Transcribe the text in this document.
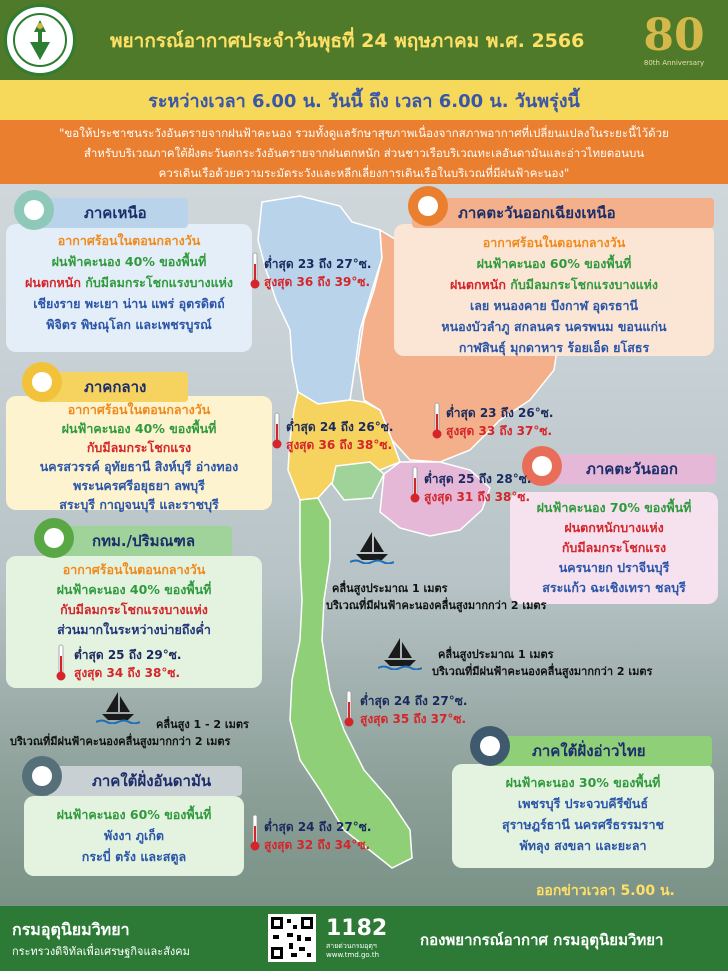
พยากรณ์อากาศประจำวันพุธที่ 24 พฤษภาคม พ.ศ. 2566	80
80th Anniversary
ระหว่างเวลา 6.00 น. วันนี้ ถึง เวลา 6.00 น. วันพรุ่งนี้
"ขอให้ประชาชนระวังอันตรายจากฝนฟ้าคะนอง รวมทั้งดูแลรักษาสุขภาพเนื่องจากสภาพอากาศที่เปลี่ยนแปลงในระยะนี้ไว้ด้วย
สำหรับบริเวณภาคใต้ฝั่งตะวันตกระวังอันตรายจากฝนตกหนัก ส่วนชาวเรือบริเวณทะเลอันดามันและอ่าวไทยตอนบน
ควรเดินเรือด้วยความระมัดระวังและหลีกเลี่ยงการเดินเรือในบริเวณที่มีฝนฟ้าคะนอง"
อากาศร้อนในตอนกลางวัน
ฝนฟ้าคะนอง 40% ของพื้นที่
ฝนตกหนัก กับมีลมกระโชกแรงบางแห่ง
เชียงราย พะเยา น่าน แพร่ อุตรดิตถ์
พิจิตร พิษณุโลก และเพชรบูรณ์
ภาคเหนือ
อากาศร้อนในตอนกลางวัน
ฝนฟ้าคะนอง 60% ของพื้นที่
ฝนตกหนัก กับมีลมกระโชกแรงบางแห่ง
เลย หนองคาย บึงกาฬ อุดรธานี
หนองบัวลำภู สกลนคร นครพนม ขอนแก่น
กาฬสินธุ์ มุกดาหาร ร้อยเอ็ด ยโสธร
ภาคตะวันออกเฉียงเหนือ
อากาศร้อนในตอนกลางวัน
ฝนฟ้าคะนอง 40% ของพื้นที่
กับมีลมกระโชกแรง
นครสวรรค์ อุทัยธานี สิงห์บุรี อ่างทอง
พระนครศรีอยุธยา ลพบุรี
สระบุรี กาญจนบุรี และราชบุรี
ภาคกลาง
ฝนฟ้าคะนอง 70% ของพื้นที่
ฝนตกหนักบางแห่ง
กับมีลมกระโชกแรง
นครนายก ปราจีนบุรี
สระแก้ว ฉะเชิงเทรา ชลบุรี
ภาคตะวันออก
อากาศร้อนในตอนกลางวัน
ฝนฟ้าคะนอง 40% ของพื้นที่
กับมีลมกระโชกแรงบางแห่ง
ส่วนมากในระหว่างบ่ายถึงค่ำ
กทม./ปริมณฑล
ฝนฟ้าคะนอง 30% ของพื้นที่
เพชรบุรี ประจวบคีรีขันธ์
สุราษฎร์ธานี นครศรีธรรมราช
พัทลุง สงขลา และยะลา
ภาคใต้ฝั่งอ่าวไทย
ฝนฟ้าคะนอง 60% ของพื้นที่
พังงา ภูเก็ต
กระบี่ ตรัง และสตูล
ภาคใต้ฝั่งอันดามัน
ต่ำสุด 23 ถึง 27°ซ.
สูงสุด 36 ถึง 39°ซ.
ต่ำสุด 23 ถึง 26°ซ.
สูงสุด 33 ถึง 37°ซ.
ต่ำสุด 24 ถึง 26°ซ.
สูงสุด 36 ถึง 38°ซ.
ต่ำสุด 25 ถึง 28°ซ.
สูงสุด 31 ถึง 38°ซ.
ต่ำสุด 25 ถึง 29°ซ.
สูงสุด 34 ถึง 38°ซ.
ต่ำสุด 24 ถึง 27°ซ.
สูงสุด 35 ถึง 37°ซ.
ต่ำสุด 24 ถึง 27°ซ.
สูงสุด 32 ถึง 34°ซ.
คลื่นสูงประมาณ 1 เมตร
บริเวณที่มีฝนฟ้าคะนองคลื่นสูงมากกว่า 2 เมตร
คลื่นสูงประมาณ 1 เมตร
บริเวณที่มีฝนฟ้าคะนองคลื่นสูงมากกว่า 2 เมตร
คลื่นสูง 1 - 2 เมตร
บริเวณที่มีฝนฟ้าคะนองคลื่นสูงมากกว่า 2 เมตร
ออกข่าวเวลา 5.00 น.
กรมอุตุนิยมวิทยา
กระทรวงดิจิทัลเพื่อเศรษฐกิจและสังคม
1182
สายด่วนกรมอุตุฯ
www.tmd.go.th
กองพยากรณ์อากาศ กรมอุตุนิยมวิทยา
